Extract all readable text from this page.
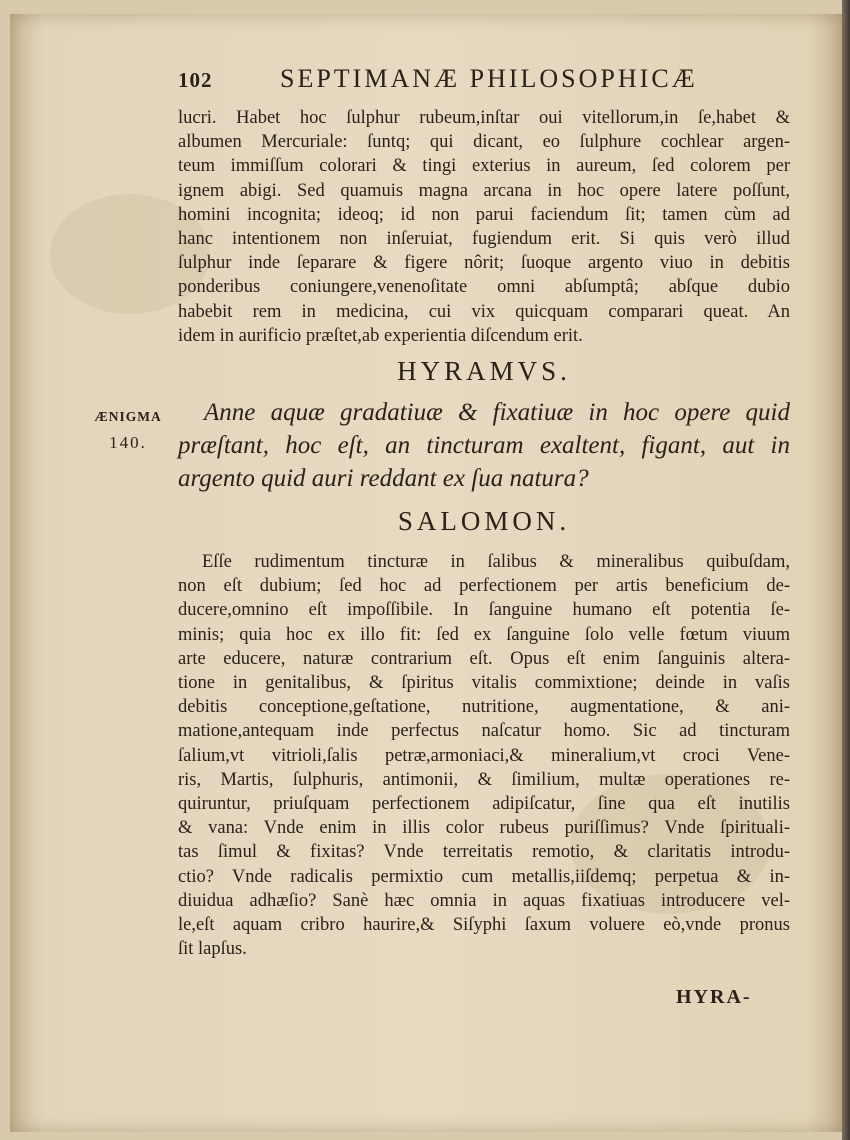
102	SEPTIMANÆ PHILOSOPHICÆ
lucri. Habet hoc ſulphur rubeum,inſtar oui vitellorum,in ſe,habet &
albumen Mercuriale: ſuntq; qui dicant, eo ſulphure cochlear argen-
teum immiſſum colorari & tingi exterius in aureum, ſed colorem per
ignem abigi. Sed quamuis magna arcana in hoc opere latere poſſunt,
homini incognita; ideoq; id non parui faciendum ſit; tamen cùm ad
hanc intentionem non inſeruiat, fugiendum erit. Si quis verò illud
ſulphur inde ſeparare & figere nôrit; ſuoque argento viuo in debitis
ponderibus coniungere,venenoſitate omni abſumptâ; abſque dubio
habebit rem in medicina, cui vix quicquam comparari queat. An
idem in aurificio præſtet,ab experientia diſcendum erit.
HYRAMVS.
ÆNIGMA
140.
Anne aquæ gradatiuæ & fixatiuæ in hoc opere quid
præſtant, hoc eſt, an tincturam exaltent, figant, aut in
argento quid auri reddant ex ſua natura?
SALOMON.
Eſſe rudimentum tincturæ in ſalibus & mineralibus quibuſdam,
non eſt dubium; ſed hoc ad perfectionem per artis beneficium de-
ducere,omnino eſt impoſſibile. In ſanguine humano eſt potentia ſe-
minis; quia hoc ex illo fit: ſed ex ſanguine ſolo velle fœtum viuum
arte educere, naturæ contrarium eſt. Opus eſt enim ſanguinis altera-
tione in genitalibus, & ſpiritus vitalis commixtione; deinde in vaſis
debitis conceptione,geſtatione, nutritione, augmentatione, & ani-
matione,antequam inde perfectus naſcatur homo. Sic ad tincturam
ſalium,vt vitrioli,ſalis petræ,armoniaci,& mineralium,vt croci Vene-
ris, Martis, ſulphuris, antimonii, & ſimilium, multæ operationes re-
quiruntur, priuſquam perfectionem adipiſcatur, ſine qua eſt inutilis
& vana: Vnde enim in illis color rubeus puriſſimus? Vnde ſpirituali-
tas ſimul & fixitas? Vnde terreitatis remotio, & claritatis introdu-
ctio? Vnde radicalis permixtio cum metallis,iiſdemq; perpetua & in-
diuidua adhæſio? Sanè hæc omnia in aquas fixatiuas introducere vel-
le,eſt aquam cribro haurire,& Siſyphi ſaxum voluere eò,vnde pronus
ſit lapſus.
HYRA-
